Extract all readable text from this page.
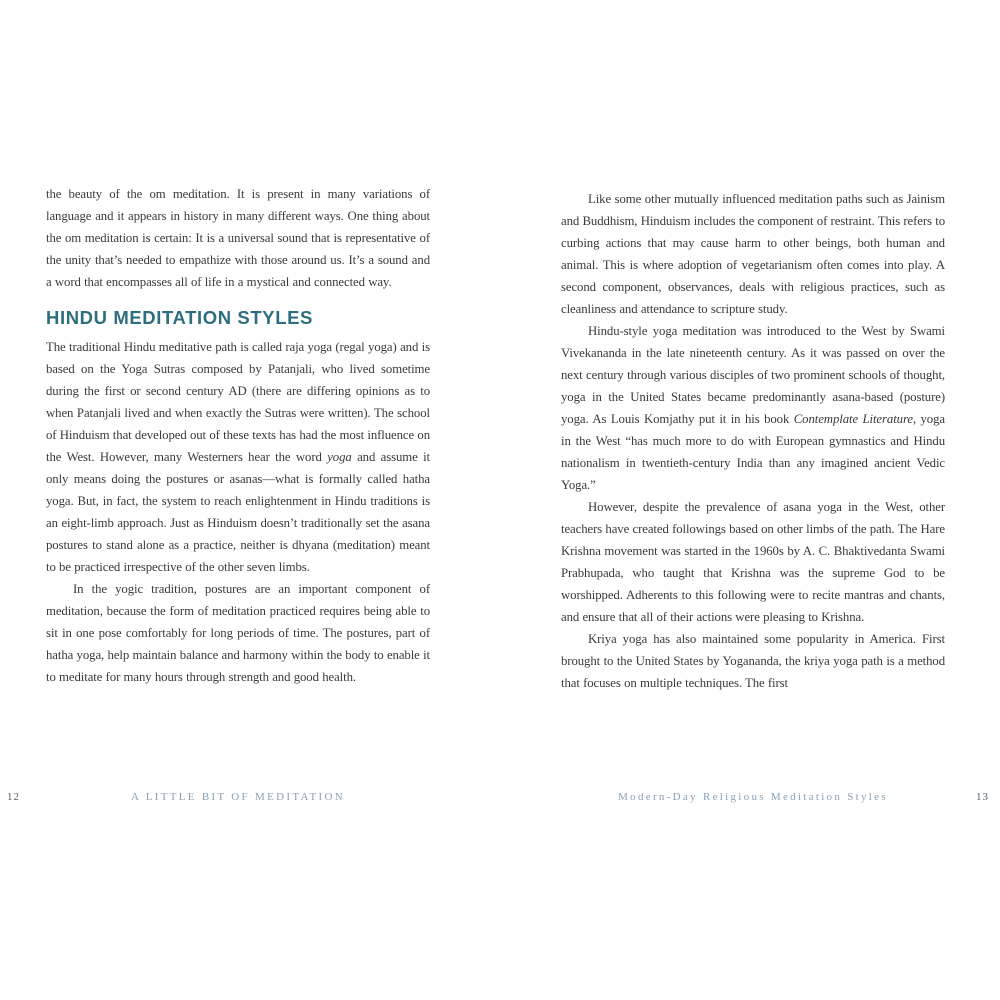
the beauty of the om meditation. It is present in many variations of language and it appears in history in many different ways. One thing about the om meditation is certain: It is a universal sound that is representative of the unity that’s needed to empathize with those around us. It’s a sound and a word that encompasses all of life in a mystical and connected way.

HINDU MEDITATION STYLES

The traditional Hindu meditative path is called raja yoga (regal yoga) and is based on the Yoga Sutras composed by Patanjali, who lived sometime during the first or second century AD (there are differing opinions as to when Patanjali lived and when exactly the Sutras were written). The school of Hinduism that developed out of these texts has had the most influence on the West. However, many Westerners hear the word yoga and assume it only means doing the postures or asanas—what is formally called hatha yoga. But, in fact, the system to reach enlightenment in Hindu traditions is an eight-limb approach. Just as Hinduism doesn’t traditionally set the asana postures to stand alone as a practice, neither is dhyana (meditation) meant to be practiced irrespective of the other seven limbs.

In the yogic tradition, postures are an important component of meditation, because the form of meditation practiced requires being able to sit in one pose comfortably for long periods of time. The postures, part of hatha yoga, help maintain balance and harmony within the body to enable it to meditate for many hours through strength and good health.

12	A LITTLE BIT OF MEDITATION

Like some other mutually influenced meditation paths such as Jainism and Buddhism, Hinduism includes the component of restraint. This refers to curbing actions that may cause harm to other beings, both human and animal. This is where adoption of vegetarianism often comes into play. A second component, observances, deals with religious practices, such as cleanliness and attendance to scripture study.

Hindu-style yoga meditation was introduced to the West by Swami Vivekananda in the late nineteenth century. As it was passed on over the next century through various disciples of two prominent schools of thought, yoga in the United States became predominantly asana-based (posture) yoga. As Louis Komjathy put it in his book Contemplate Literature, yoga in the West “has much more to do with European gymnastics and Hindu nationalism in twentieth-century India than any imagined ancient Vedic Yoga.”

However, despite the prevalence of asana yoga in the West, other teachers have created followings based on other limbs of the path. The Hare Krishna movement was started in the 1960s by A. C. Bhaktivedanta Swami Prabhupada, who taught that Krishna was the supreme God to be worshipped. Adherents to this following were to recite mantras and chants, and ensure that all of their actions were pleasing to Krishna.

Kriya yoga has also maintained some popularity in America. First brought to the United States by Yogananda, the kriya yoga path is a method that focuses on multiple techniques. The first

Modern-Day Religious Meditation Styles	13
